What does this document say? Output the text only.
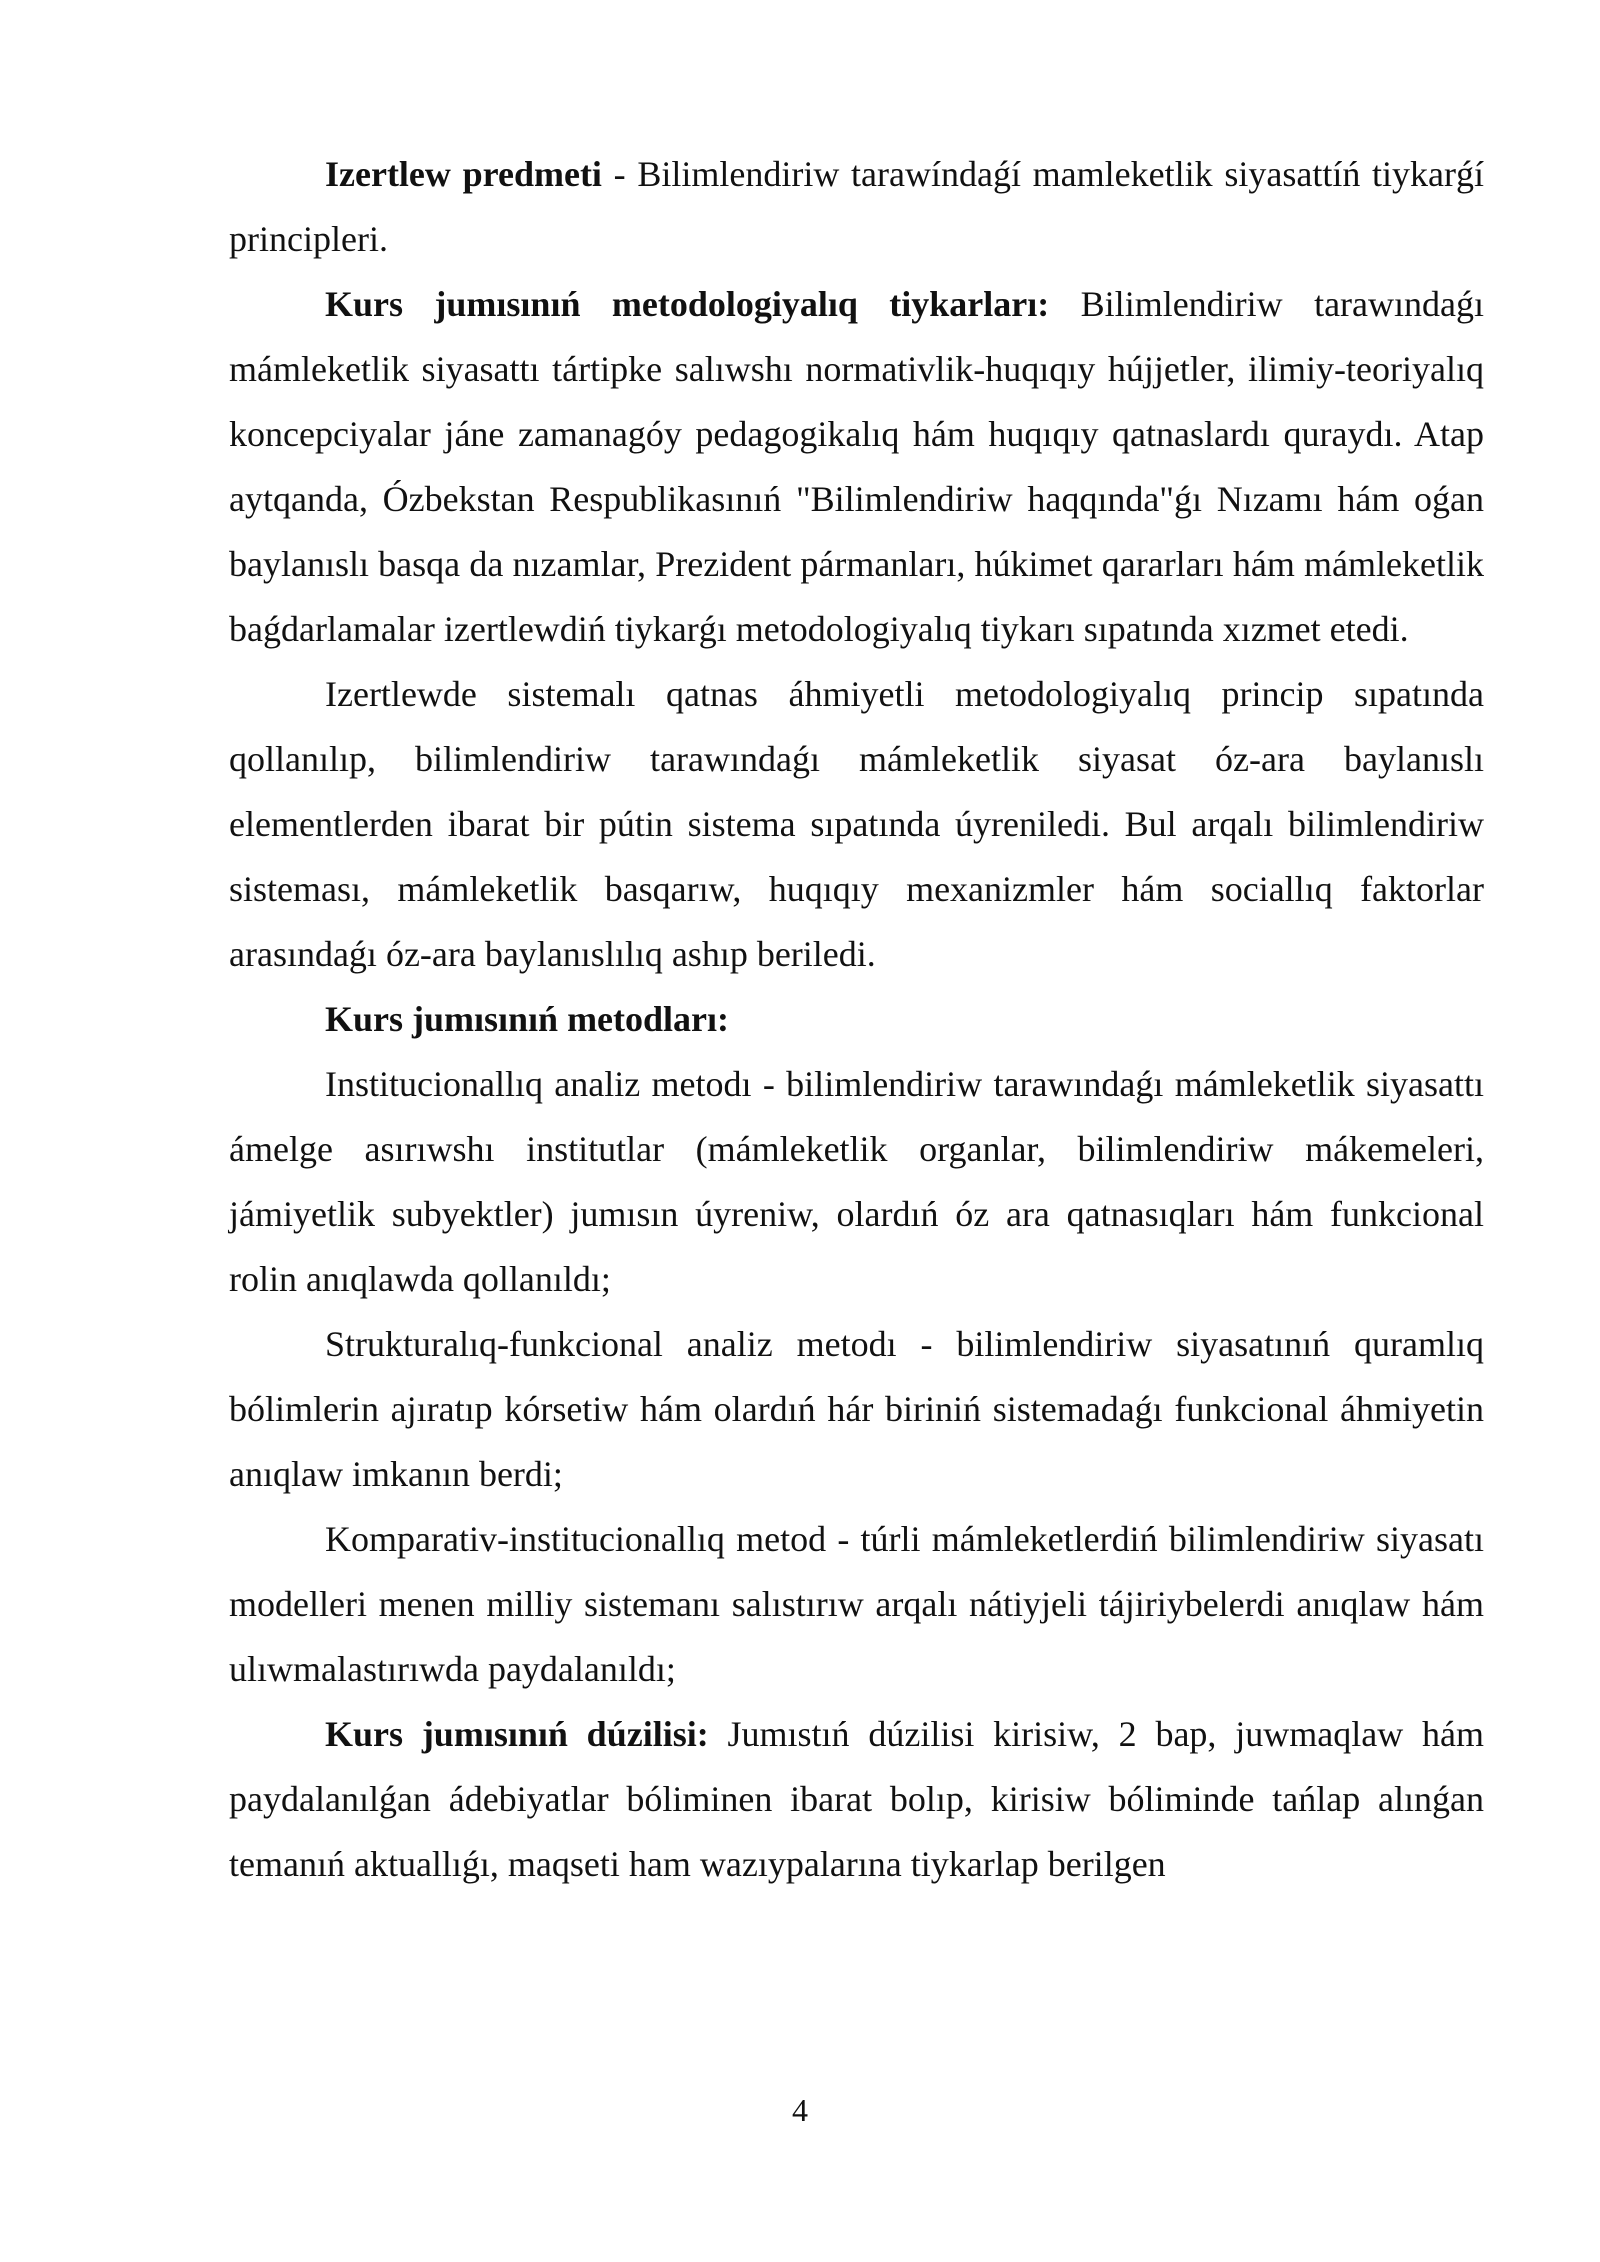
Izertlew predmeti - Bilimlendiriw tarawíndaǵí mamleketlik siyasattíń tiykarǵí principleri.

Kurs jumısınıń metodologiyalıq tiykarları: Bilimlendiriw tarawındaǵı mámleketlik siyasattı tártipke salıwshı normativlik-huqıqıy hújjetler, ilimiy-teoriyalıq koncepciyalar jáne zamanagóy pedagogikalıq hám huqıqıy qatnaslardı quraydı. Atap aytqanda, Ózbekstan Respublikasınıń "Bilimlendiriw haqqında"ǵı Nızamı hám oǵan baylanıslı basqa da nızamlar, Prezident pármanları, húkimet qararları hám mámleketlik baǵdarlamalar izertlewdiń tiykarǵı metodologiyalıq tiykarı sıpatında xızmet etedi.

Izertlewde sistemalı qatnas áhmiyetli metodologiyalıq princip sıpatında qollanılıp, bilimlendiriw tarawındaǵı mámleketlik siyasat óz-ara baylanıslı elementlerden ibarat bir pútin sistema sıpatında úyreniledi. Bul arqalı bilimlendiriw sisteması, mámleketlik basqarıw, huqıqıy mexanizmler hám sociallıq faktorlar arasındaǵı óz-ara baylanıslılıq ashıp beriledi.

Kurs jumısınıń metodları:

Institucionallıq analiz metodı - bilimlendiriw tarawındaǵı mámleketlik siyasattı ámelge asırıwshı institutlar (mámleketlik organlar, bilimlendiriw mákemeleri, jámiyetlik subyektler) jumısın úyreniw, olardıń óz ara qatnasıqları hám funkcional rolin anıqlawda qollanıldı;

Strukturalıq-funkcional analiz metodı - bilimlendiriw siyasatınıń quramlıq bólimlerin ajıratıp kórsetiw hám olardıń hár biriniń sistemadaǵı funkcional áhmiyetin anıqlaw imkanın berdi;

Komparativ-institucionallıq metod - túrli mámleketlerdiń bilimlendiriw siyasatı modelleri menen milliy sistemanı salıstırıw arqalı nátiyjeli tájiriybelerdi anıqlaw hám ulıwmalastırıwda paydalanıldı;

Kurs jumısınıń dúzilisi: Jumıstıń dúzilisi kirisiw, 2 bap, juwmaqlaw hám paydalanılǵan ádebiyatlar bóliminen ibarat bolıp, kirisiw bóliminde tańlap alınǵan temanıń aktuallıǵı, maqseti ham wazıypalarına tiykarlap berilgen

4
